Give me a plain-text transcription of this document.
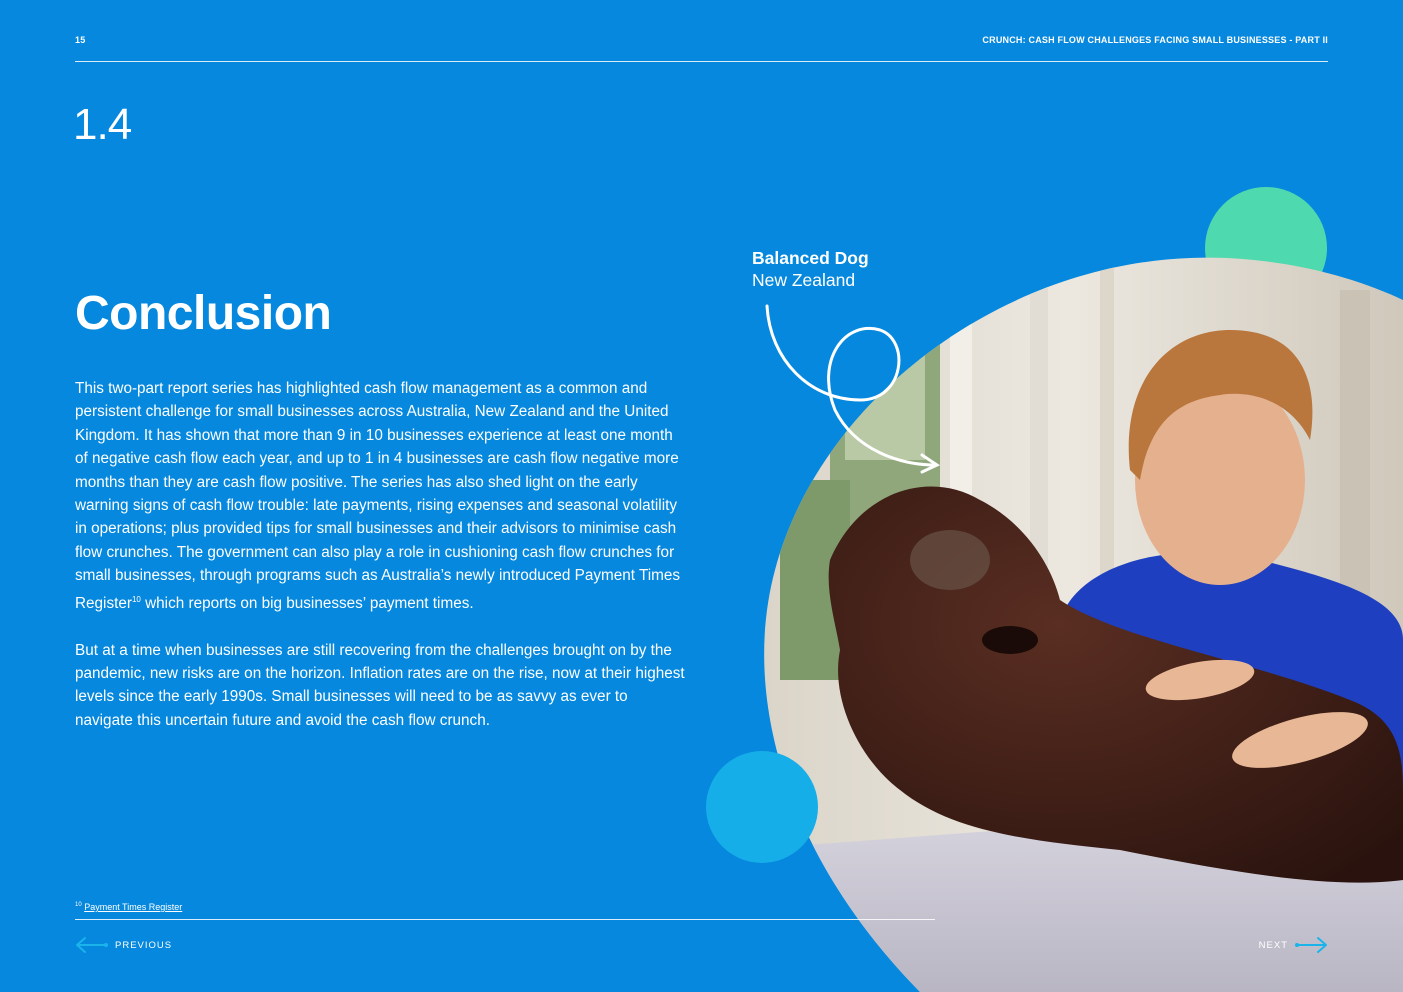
15	CRUNCH: CASH FLOW CHALLENGES FACING SMALL BUSINESSES - PART II
1.4
Conclusion

This two-part report series has highlighted cash flow management as a common and persistent challenge for small businesses across Australia, New Zealand and the United Kingdom. It has shown that more than 9 in 10 businesses experience at least one month of negative cash flow each year, and up to 1 in 4 businesses are cash flow negative more months than they are cash flow positive. The series has also shed light on the early warning signs of cash flow trouble: late payments, rising expenses and seasonal volatility in operations; plus provided tips for small businesses and their advisors to minimise cash flow crunches. The government can also play a role in cushioning cash flow crunches for small businesses, through programs such as Australia’s newly introduced Payment Times Register$^{10}$ which reports on big businesses’ payment times.

But at a time when businesses are still recovering from the challenges brought on by the pandemic, new risks are on the horizon. Inflation rates are on the rise, now at their highest levels since the early 1990s. Small businesses will need to be as savvy as ever to navigate this uncertain future and avoid the cash flow crunch.

Balanced Dog
New Zealand
$^{10}$ Payment Times Register
PREVIOUS	NEXT
